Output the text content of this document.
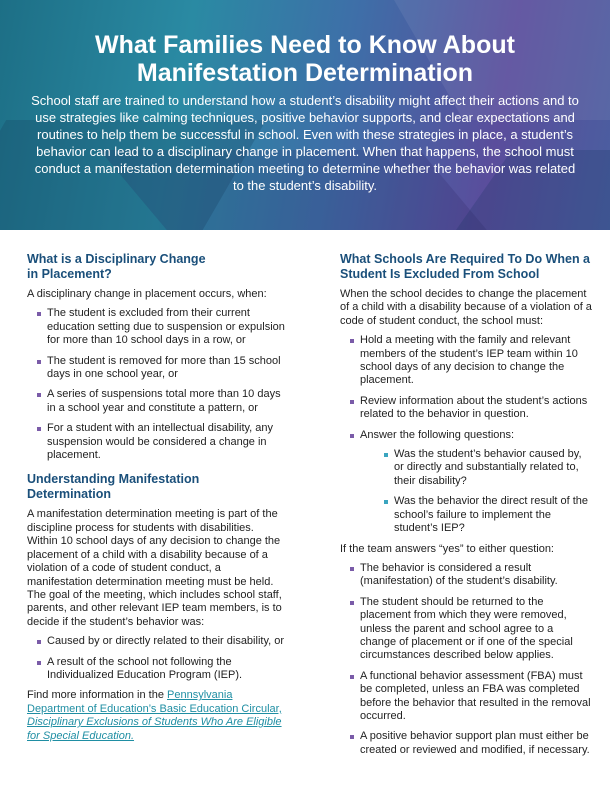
What Families Need to Know About
Manifestation Determination

School staff are trained to understand how a student’s disability might affect their actions and to use strategies like calming techniques, positive behavior supports, and clear expectations and routines to help them be successful in school. Even with these strategies in place, a student’s behavior can lead to a disciplinary change in placement. When that happens, the school must conduct a manifestation determination meeting to determine whether the behavior was related to the student’s disability.

What is a Disciplinary Change
in Placement?

A disciplinary change in placement occurs, when:

The student is excluded from their current education setting due to suspension or expulsion for more than 10 school days in a row, or
The student is removed for more than 15 school days in one school year, or
A series of suspensions total more than 10 days in a school year and constitute a pattern, or
For a student with an intellectual disability, any suspension would be considered a change in placement.
Understanding Manifestation Determination

A manifestation determination meeting is part of the discipline process for students with disabilities. Within 10 school days of any decision to change the placement of a child with a disability because of a violation of a code of student conduct, a manifestation determination meeting must be held. The goal of the meeting, which includes school staff, parents, and other relevant IEP team members, is to decide if the student’s behavior was:

Caused by or directly related to their disability, or
A result of the school not following the Individualized Education Program (IEP).

Find more information in the Pennsylvania Department of Education’s Basic Education Circular, Disciplinary Exclusions of Students Who Are Eligible for Special Education.

What Schools Are Required To Do When a
Student Is Excluded From School

When the school decides to change the placement of a child with a disability because of a violation of a code of student conduct, the school must:

Hold a meeting with the family and relevant members of the student’s IEP team within 10 school days of any decision to change the placement.
Review information about the student’s actions related to the behavior in question.
Answer the following questions:
Was the student’s behavior caused by, or directly and substantially related to, their disability?
Was the behavior the direct result of the school’s failure to implement the student’s IEP?

If the team answers “yes” to either question:

The behavior is considered a result (manifestation) of the student’s disability.
The student should be returned to the placement from which they were removed, unless the parent and school agree to a change of placement or if one of the special circumstances described below applies.
A functional behavior assessment (FBA) must be completed, unless an FBA was completed before the behavior that resulted in the removal occurred.
A positive behavior support plan must either be created or reviewed and modified, if necessary.
